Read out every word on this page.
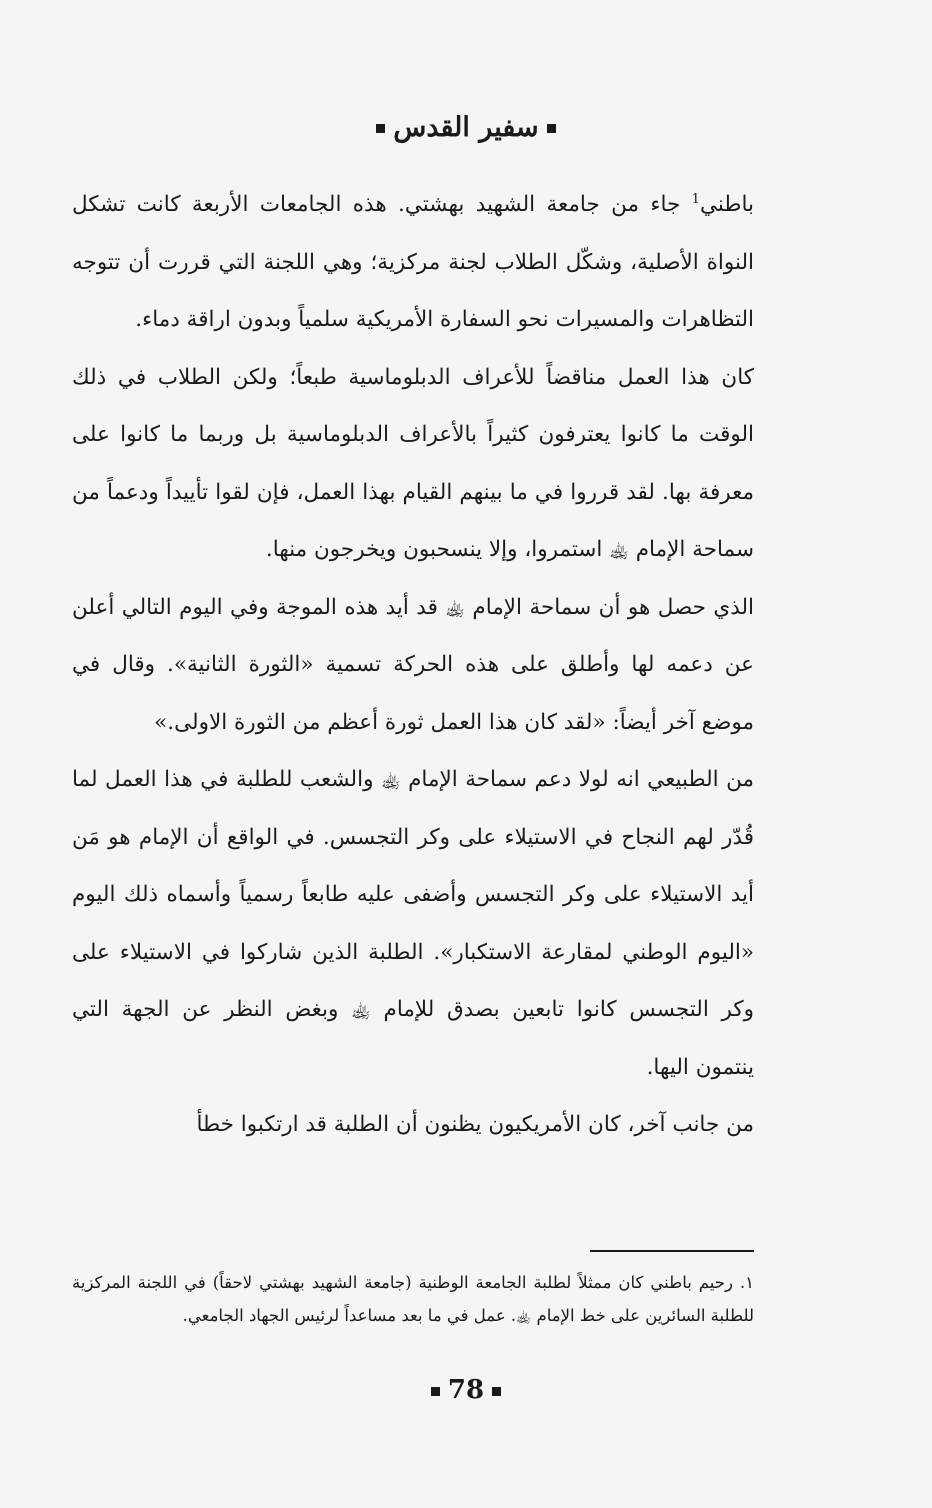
سفير القدس

باطني$^1$ جاء من جامعة الشهيد بهشتي. هذه الجامعات الأربعة كانت تشكل النواة الأصلية، وشكّل الطلاب لجنة مركزية؛ وهي اللجنة التي قررت أن تتوجه التظاهرات والمسيرات نحو السفارة الأمريكية سلمياً وبدون اراقة دماء.

كان هذا العمل مناقضاً للأعراف الدبلوماسية طبعاً؛ ولكن الطلاب في ذلك الوقت ما كانوا يعترفون كثيراً بالأعراف الدبلوماسية بل وربما ما كانوا على معرفة بها. لقد قرروا في ما بينهم القيام بهذا العمل، فإن لقوا تأييداً ودعماً من سماحة الإمام ﵀ استمروا، وإلا ينسحبون ويخرجون منها.

الذي حصل هو أن سماحة الإمام ﵀ قد أيد هذه الموجة وفي اليوم التالي أعلن عن دعمه لها وأطلق على هذه الحركة تسمية «الثورة الثانية». وقال في موضع آخر أيضاً: «لقد كان هذا العمل ثورة أعظم من الثورة الاولى.»

من الطبيعي انه لولا دعم سماحة الإمام ﵀ والشعب للطلبة في هذا العمل لما قُدّر لهم النجاح في الاستيلاء على وكر التجسس. في الواقع أن الإمام هو مَن أيد الاستيلاء على وكر التجسس وأضفى عليه طابعاً رسمياً وأسماه ذلك اليوم «اليوم الوطني لمقارعة الاستكبار». الطلبة الذين شاركوا في الاستيلاء على وكر التجسس كانوا تابعين بصدق للإمام ﵀ وبغض النظر عن الجهة التي ينتمون اليها.

من جانب آخر، كان الأمريكيون يظنون أن الطلبة قد ارتكبوا خطأ

١. رحيم باطني كان ممثلاً لطلبة الجامعة الوطنية (جامعة الشهيد بهشتي لاحقاً) في اللجنة المركزية للطلبة السائرين على خط الإمام ﵀. عمل في ما بعد مساعداً لرئيس الجهاد الجامعي.

78
